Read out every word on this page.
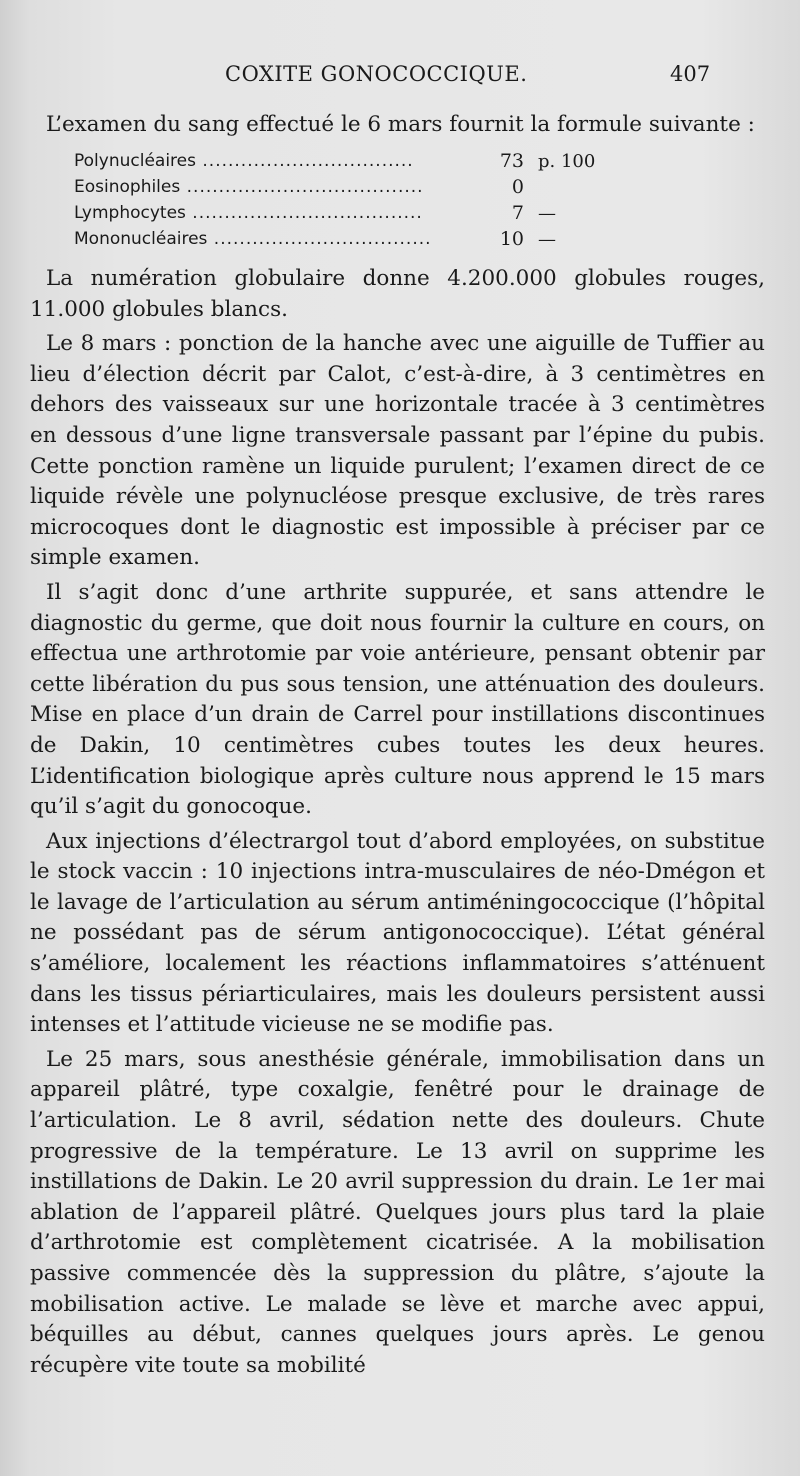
COXITE GONOCOCCIQUE.	407

L’examen du sang effectué le 6 mars fournit la formule suivante :

Polynucléaires .................................	73	p. 100
Eosinophiles .....................................	0	
Lymphocytes ....................................	7	—
Mononucléaires ..................................	10	—

La numération globulaire donne 4.200.000 globules rouges, 11.000 globules blancs.

Le 8 mars : ponction de la hanche avec une aiguille de Tuffier au lieu d’élection décrit par Calot, c’est-à-dire, à 3 centimètres en dehors des vaisseaux sur une horizontale tracée à 3 centimètres en dessous d’une ligne transversale passant par l’épine du pubis. Cette ponction ramène un liquide purulent; l’examen direct de ce liquide révèle une polynucléose presque exclusive, de très rares microcoques dont le diagnostic est impossible à préciser par ce simple examen.

Il s’agit donc d’une arthrite suppurée, et sans attendre le diagnostic du germe, que doit nous fournir la culture en cours, on effectua une arthrotomie par voie antérieure, pensant obtenir par cette libération du pus sous tension, une atténuation des douleurs. Mise en place d’un drain de Carrel pour instillations discontinues de Dakin, 10 centimètres cubes toutes les deux heures. L’identification biologique après culture nous apprend le 15 mars qu’il s’agit du gonocoque.

Aux injections d’électrargol tout d’abord employées, on substitue le stock vaccin : 10 injections intra-musculaires de néo-Dmégon et le lavage de l’articulation au sérum antiméningococcique (l’hôpital ne possédant pas de sérum antigonococcique). L’état général s’améliore, localement les réactions inflammatoires s’atténuent dans les tissus périarticulaires, mais les douleurs persistent aussi intenses et l’attitude vicieuse ne se modifie pas.

Le 25 mars, sous anesthésie générale, immobilisation dans un appareil plâtré, type coxalgie, fenêtré pour le drainage de l’articulation. Le 8 avril, sédation nette des douleurs. Chute progressive de la température. Le 13 avril on supprime les instillations de Dakin. Le 20 avril suppression du drain. Le 1er mai ablation de l’appareil plâtré. Quelques jours plus tard la plaie d’arthrotomie est complètement cicatrisée. A la mobilisation passive commencée dès la suppression du plâtre, s’ajoute la mobilisation active. Le malade se lève et marche avec appui, béquilles au début, cannes quelques jours après. Le genou récupère vite toute sa mobilité
